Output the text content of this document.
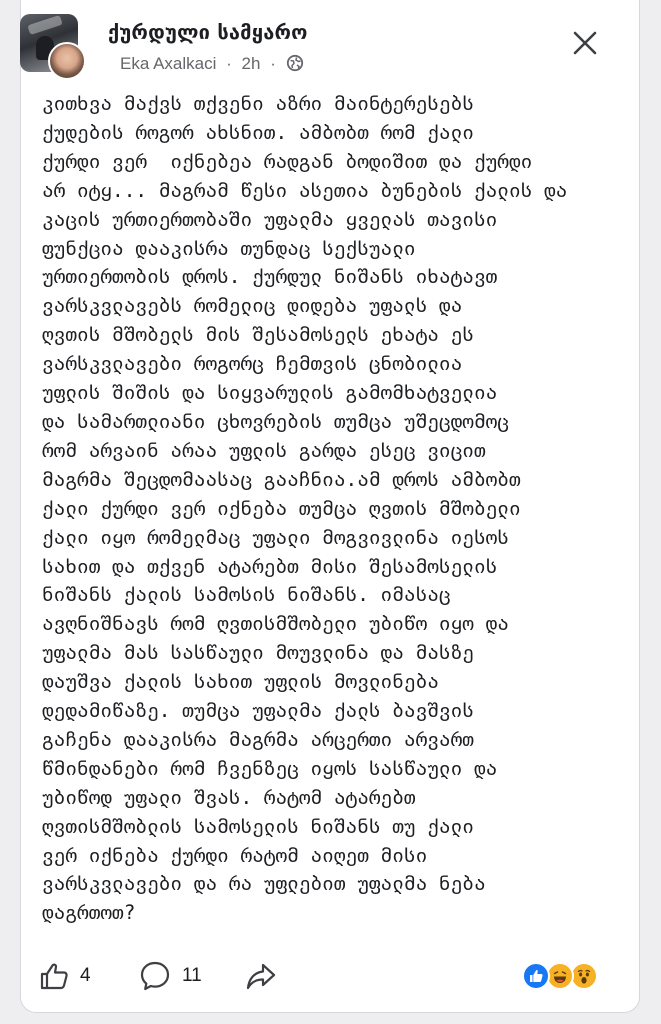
ქურდული სამყარო
Eka Axalkaci · 2h ·
კითხვა მაქვს თქვენი აზრი მაინტერესებს
ქუდების როგორ ახსნით. ამბობთ რომ ქალი
ქურდი ვერ  იქნებეა რადგან ბოდიშით და ქურდი
არ იტყ... მაგრამ წესი ასეთია ბუნების ქალის და
კაცის ურთიერთობაში უფალმა ყველას თავისი
ფუნქცია დააკისრა თუნდაც სექსუალი
ურთიერთობის დროს. ქურდულ ნიშანს იხატავთ
ვარსკვლავებს რომელიც დიდება უფალს და
ღვთის მშობელს მის შესამოსელს ეხატა ეს
ვარსკვლავები როგორც ჩემთვის ცნობილია
უფლის შიშის და სიყვარულის გამომხატველია
და სამართლიანი ცხოვრების თუმცა უშეცდომოც
რომ არვაინ არაა უფლის გარდა ესეც ვიცით
მაგრმა შეცდომაასაც გააჩნია.ამ დროს ამბობთ
ქალი ქურდი ვერ იქნება თუმცა ღვთის მშობელი
ქალი იყო რომელმაც უფალი მოგვივლინა იესოს
სახით და თქვენ ატარებთ მისი შესამოსელის
ნიშანს ქალის სამოსის ნიშანს. იმასაც
ავღნიშნავს რომ ღვთისმშობელი უბიწო იყო და
უფალმა მას სასწაული მოუვლინა და მასზე
დაუშვა ქალის სახით უფლის მოვლინება
დედამიწაზე. თუმცა უფალმა ქალს ბავშვის
გაჩენა დააკისრა მაგრმა არცერთი არვართ
წმინდანები რომ ჩვენზეც იყოს სასწაული და
უბიწოდ უფალი შვას. რატომ ატარებთ
ღვთისმშობლის სამოსელის ნიშანს თუ ქალი
ვერ იქნება ქურდი რატომ აიღეთ მისი
ვარსკვლავები და რა უფლებით უფალმა ნება
დაგრთოთ?
4	11
